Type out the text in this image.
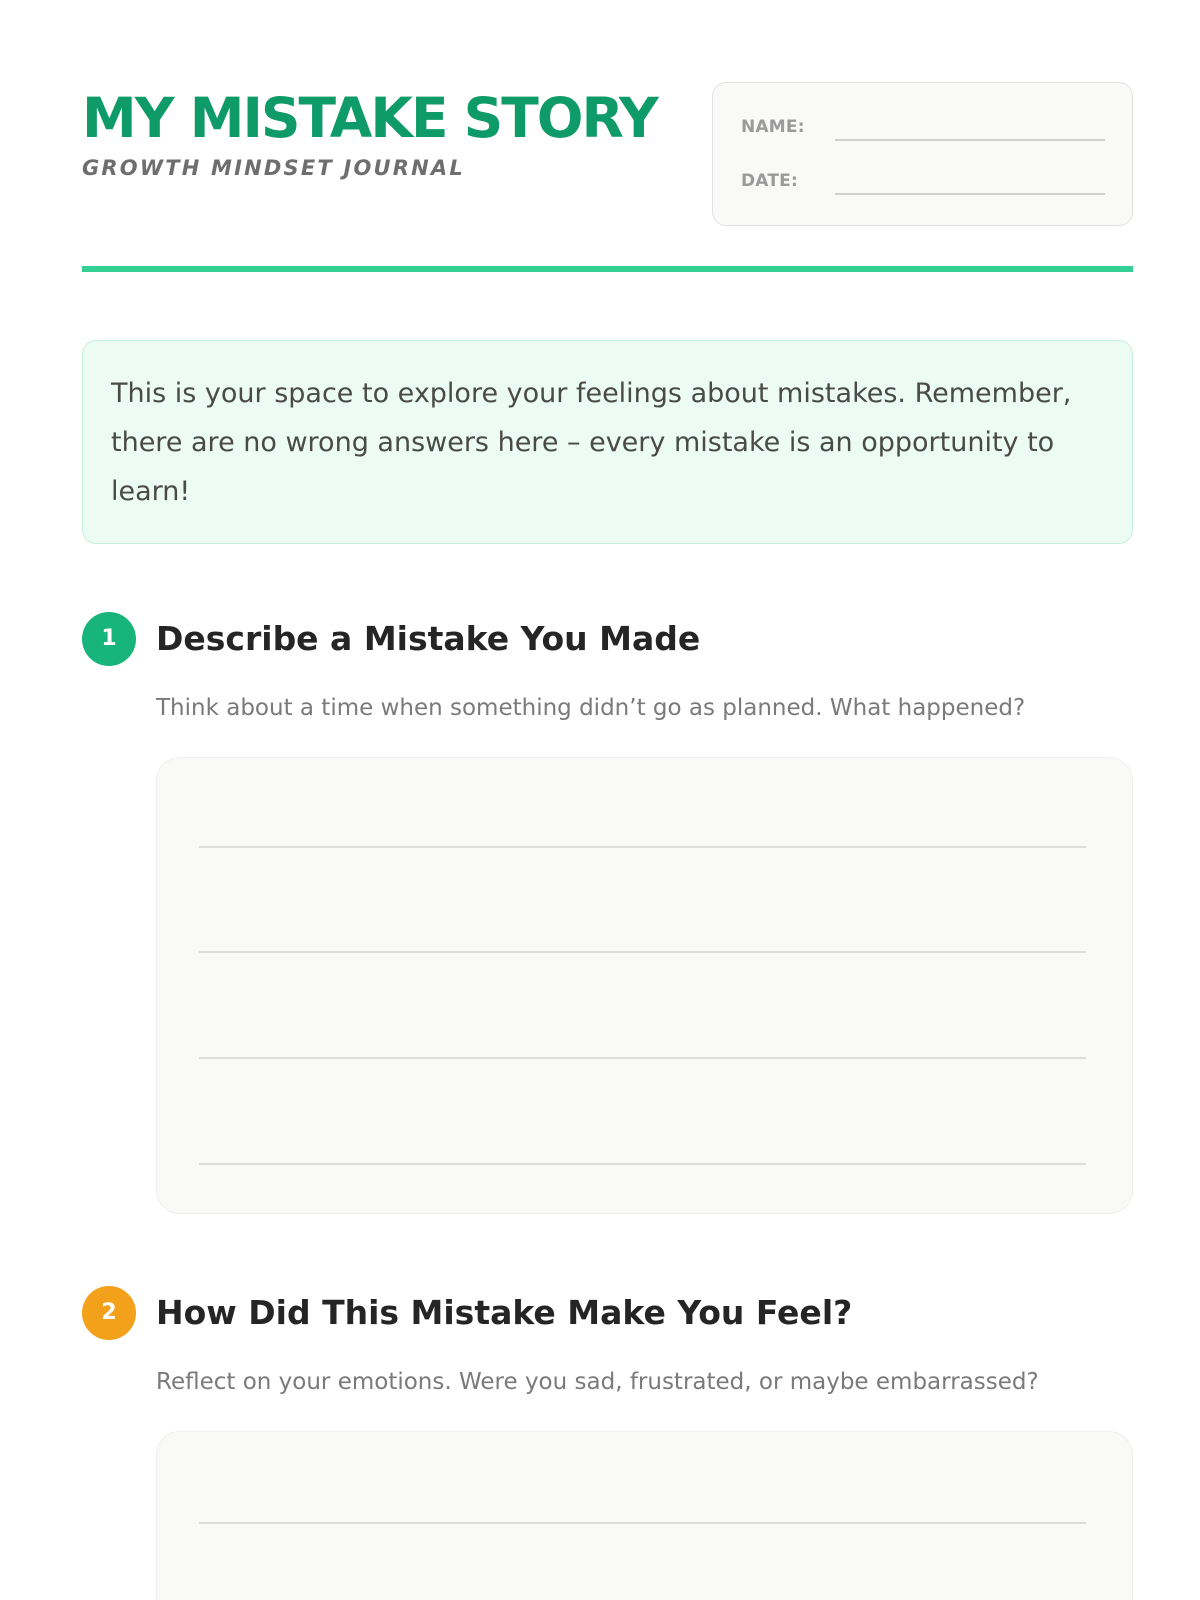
MY MISTAKE STORY
GROWTH MINDSET JOURNAL
NAME:
DATE:

This is your space to explore your feelings about mistakes. Remember, there are no wrong answers here – every mistake is an opportunity to learn!

1	Describe a Mistake You Made

Think about a time when something didn’t go as planned. What happened?

2	How Did This Mistake Make You Feel?

Reflect on your emotions. Were you sad, frustrated, or maybe embarrassed?
